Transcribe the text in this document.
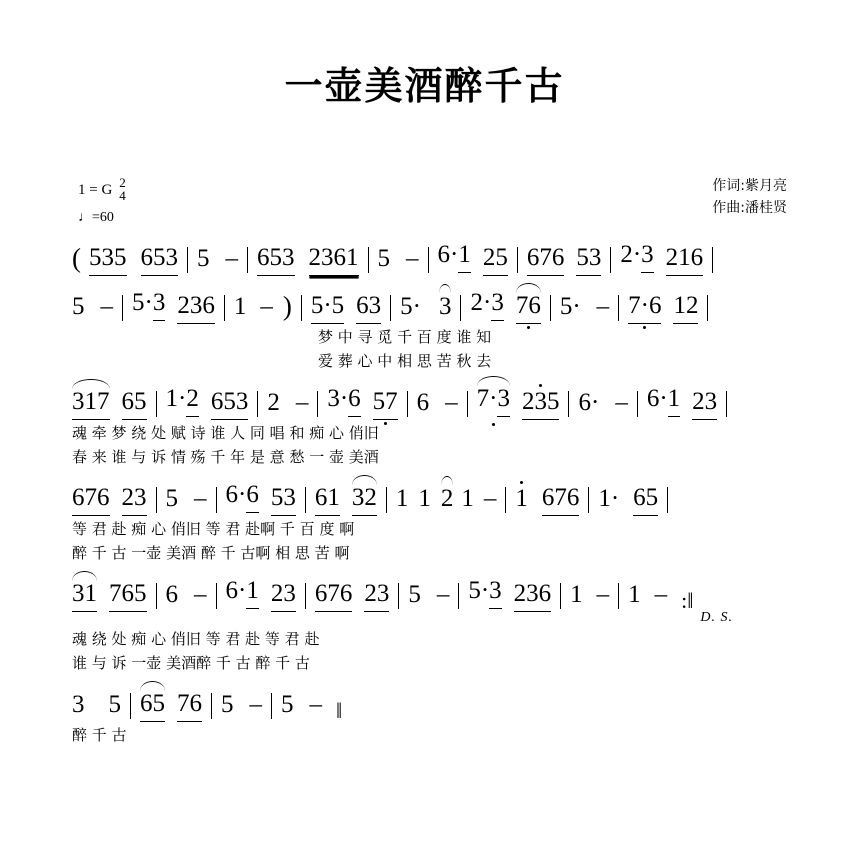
一壶美酒醉千古
1 = G 2
4
♩=60
作词:紫月亮
作曲:潘桂贤
( 535 653 5 – 653 2361 5 – 6·1 25 676 53 2·3 216
5 – 5·3 236 1 – ) 5·5 63 5· 3 2·3 76 5· – 7·6 12
梦 中 寻 觅 千 百 度 谁 知
爱 葬 心 中 相 思 苦 秋 去
317 65 1·2 653 2 – 3·6 57 6 – 7·3 235 6· – 6·1 23
魂 牵 梦 绕 处 赋 诗 谁 人 同 唱 和 痴 心 俏旧
春 来 谁 与 诉 情 殇 千 年 是 意 愁 一 壶 美酒
676 23 5 – 6·6 53 61 32 1 1 2 1 – 1 676 1· 65
等 君 赴 痴 心 俏旧 等 君 赴啊 千 百 度 啊
醉 千 古 一壶 美酒 醉 千 古啊 相 思 苦 啊
31 765 6 – 6·1 23 676 23 5 – 5·3 236 1 – 1 – :‖
D. S.
魂 绕 处 痴 心 俏旧 等 君 赴 等 君 赴
谁 与 诉 一壶 美酒醉 千 古 醉 千 古
3 5 65 76 5 – 5 – ‖
醉 千 古
